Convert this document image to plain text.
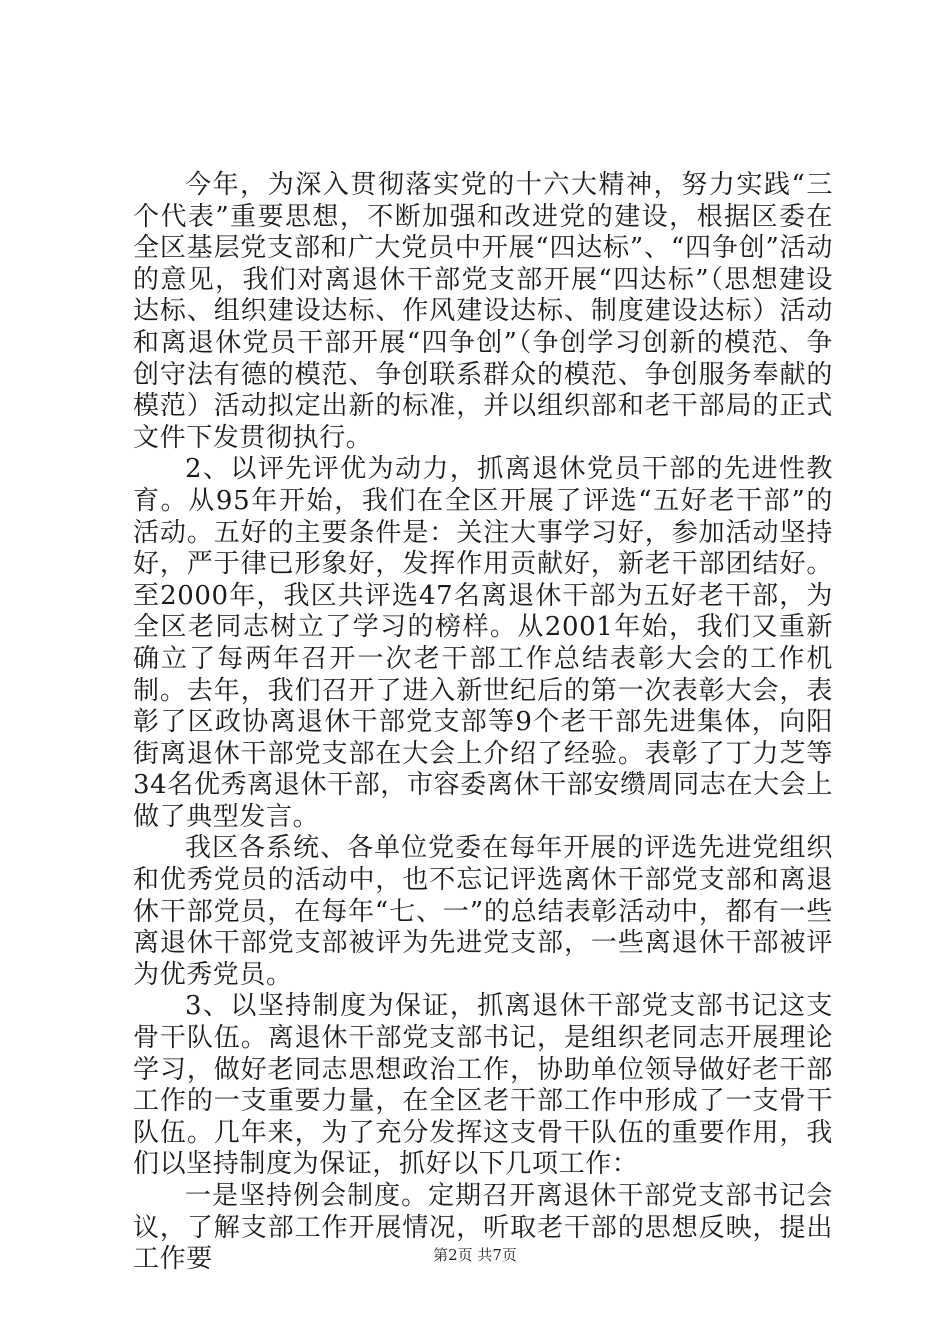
今年，为深入贯彻落实党的十六大精神，努力实践“三个代表”重要思想，不断加强和改进党的建设，根据区委在全区基层党支部和广大党员中开展“四达标”、“四争创”活动的意见，我们对离退休干部党支部开展“四达标”（思想建设达标、组织建设达标、作风建设达标、制度建设达标）活动和离退休党员干部开展“四争创”（争创学习创新的模范、争创守法有德的模范、争创联系群众的模范、争创服务奉献的模范）活动拟定出新的标准，并以组织部和老干部局的正式文件下发贯彻执行。

2、以评先评优为动力，抓离退休党员干部的先进性教育。从95年开始，我们在全区开展了评选“五好老干部”的活动。五好的主要条件是：关注大事学习好，参加活动坚持好，严于律已形象好，发挥作用贡献好，新老干部团结好。至2000年，我区共评选47名离退休干部为五好老干部，为全区老同志树立了学习的榜样。从2001年始，我们又重新确立了每两年召开一次老干部工作总结表彰大会的工作机制。去年，我们召开了进入新世纪后的第一次表彰大会，表彰了区政协离退休干部党支部等9个老干部先进集体，向阳街离退休干部党支部在大会上介绍了经验。表彰了丁力芝等34名优秀离退休干部，市容委离休干部安缵周同志在大会上做了典型发言。

我区各系统、各单位党委在每年开展的评选先进党组织和优秀党员的活动中，也不忘记评选离休干部党支部和离退休干部党员，在每年“七、一”的总结表彰活动中，都有一些离退休干部党支部被评为先进党支部，一些离退休干部被评为优秀党员。

3、以坚持制度为保证，抓离退休干部党支部书记这支骨干队伍。离退休干部党支部书记，是组织老同志开展理论学习，做好老同志思想政治工作，协助单位领导做好老干部工作的一支重要力量，在全区老干部工作中形成了一支骨干队伍。几年来，为了充分发挥这支骨干队伍的重要作用，我们以坚持制度为保证，抓好以下几项工作：

一是坚持例会制度。定期召开离退休干部党支部书记会议，了解支部工作开展情况，听取老干部的思想反映，提出工作要	第2页 共7页
